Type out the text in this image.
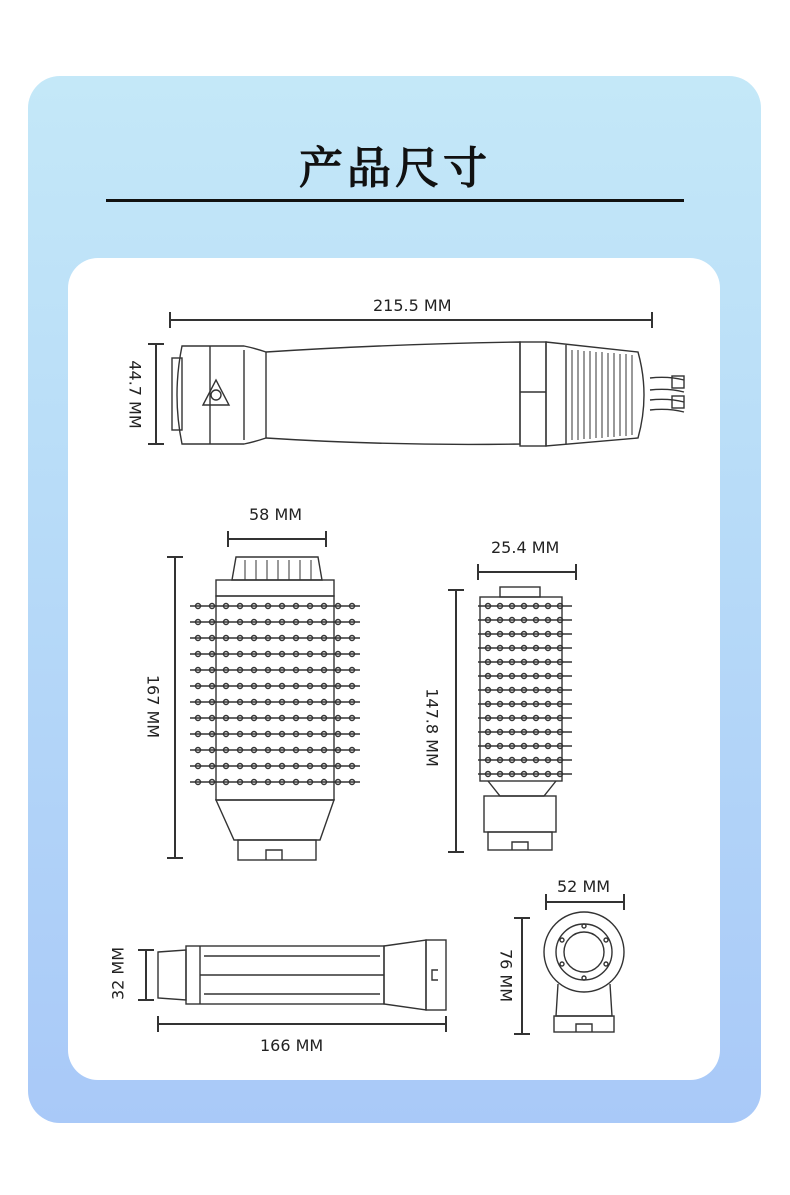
产品尺寸
215.5 MM
44.7 MM
58 MM
167 MM
25.4 MM
147.8 MM
32 MM
166 MM
52 MM
76 MM
